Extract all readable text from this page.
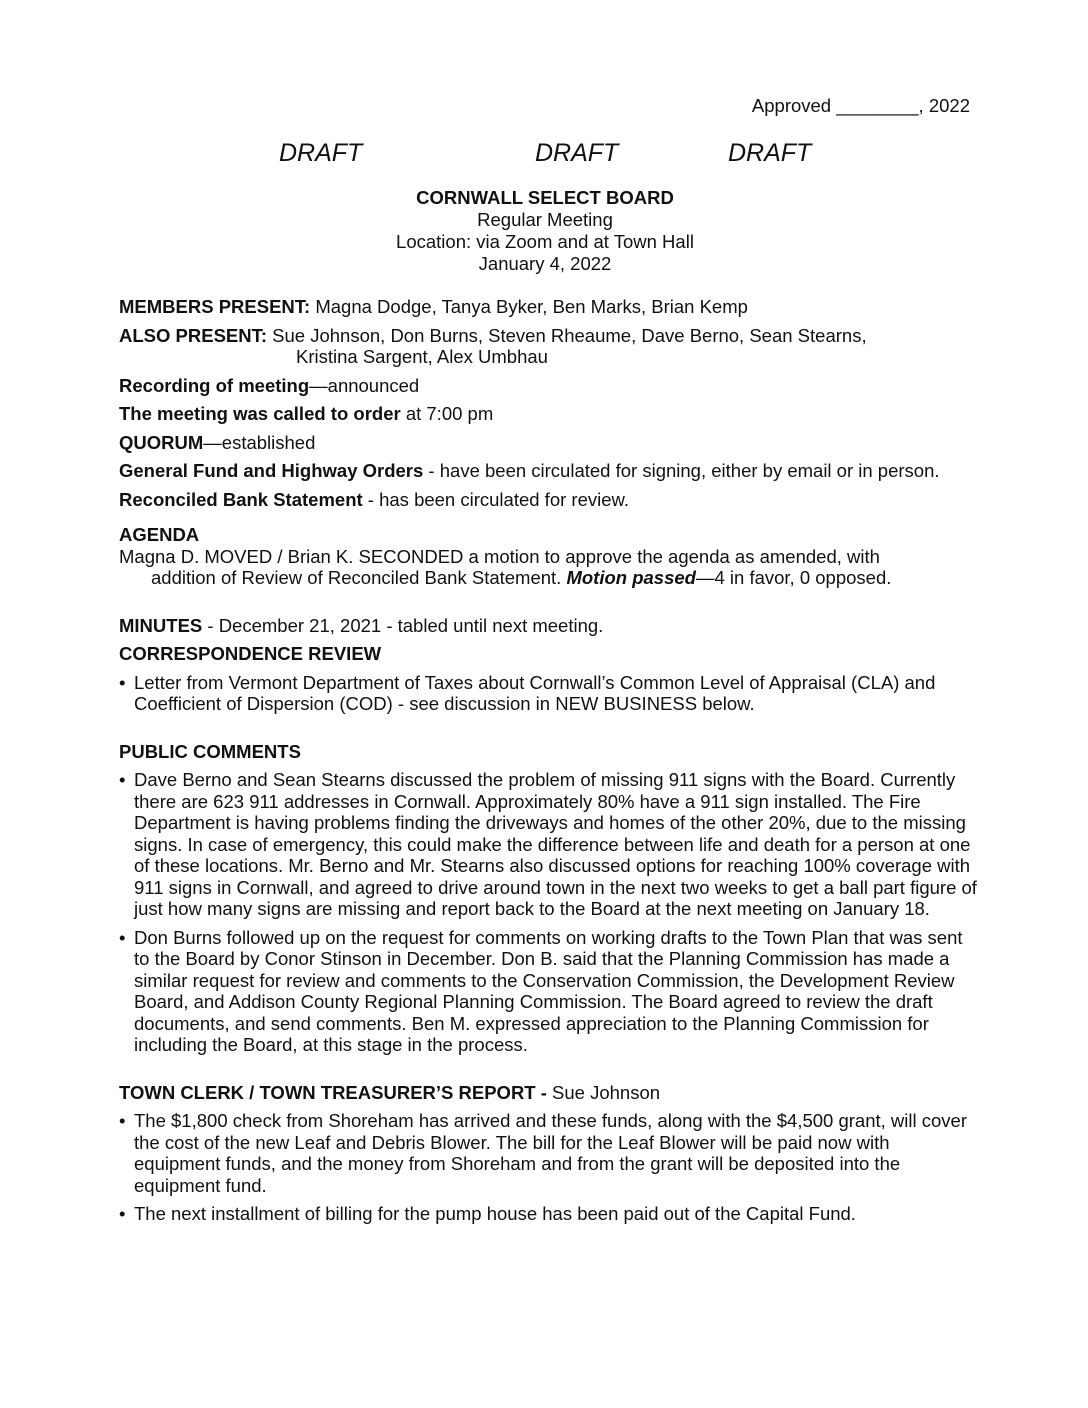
Approved ________, 2022
DRAFT	DRAFT	DRAFT
CORNWALL SELECT BOARD
Regular Meeting
Location: via Zoom and at Town Hall
January 4, 2022
MEMBERS PRESENT: Magna Dodge, Tanya Byker, Ben Marks, Brian Kemp
ALSO PRESENT: Sue Johnson, Don Burns, Steven Rheaume, Dave Berno, Sean Stearns,
Kristina Sargent, Alex Umbhau
Recording of meeting—announced
The meeting was called to order at 7:00 pm
QUORUM—established
General Fund and Highway Orders - have been circulated for signing, either by email or in person.
Reconciled Bank Statement - has been circulated for review.
AGENDA
Magna D. MOVED / Brian K. SECONDED a motion to approve the agenda as amended, with
addition of Review of Reconciled Bank Statement. Motion passed—4 in favor, 0 opposed.
MINUTES - December 21, 2021 - tabled until next meeting.
CORRESPONDENCE REVIEW
• Letter from Vermont Department of Taxes about Cornwall’s Common Level of Appraisal (CLA) and Coefficient of Dispersion (COD) - see discussion in NEW BUSINESS below.
PUBLIC COMMENTS
• Dave Berno and Sean Stearns discussed the problem of missing 911 signs with the Board. Currently there are 623 911 addresses in Cornwall. Approximately 80% have a 911 sign installed. The Fire Department is having problems finding the driveways and homes of the other 20%, due to the missing signs. In case of emergency, this could make the difference between life and death for a person at one of these locations. Mr. Berno and Mr. Stearns also discussed options for reaching 100% coverage with 911 signs in Cornwall, and agreed to drive around town in the next two weeks to get a ball part figure of just how many signs are missing and report back to the Board at the next meeting on January 18.
• Don Burns followed up on the request for comments on working drafts to the Town Plan that was sent to the Board by Conor Stinson in December. Don B. said that the Planning Commission has made a similar request for review and comments to the Conservation Commission, the Development Review Board, and Addison County Regional Planning Commission. The Board agreed to review the draft documents, and send comments. Ben M. expressed appreciation to the Planning Commission for including the Board, at this stage in the process.
TOWN CLERK / TOWN TREASURER’S REPORT - Sue Johnson
• The $1,800 check from Shoreham has arrived and these funds, along with the $4,500 grant, will cover the cost of the new Leaf and Debris Blower. The bill for the Leaf Blower will be paid now with equipment funds, and the money from Shoreham and from the grant will be deposited into the equipment fund.
• The next installment of billing for the pump house has been paid out of the Capital Fund.
